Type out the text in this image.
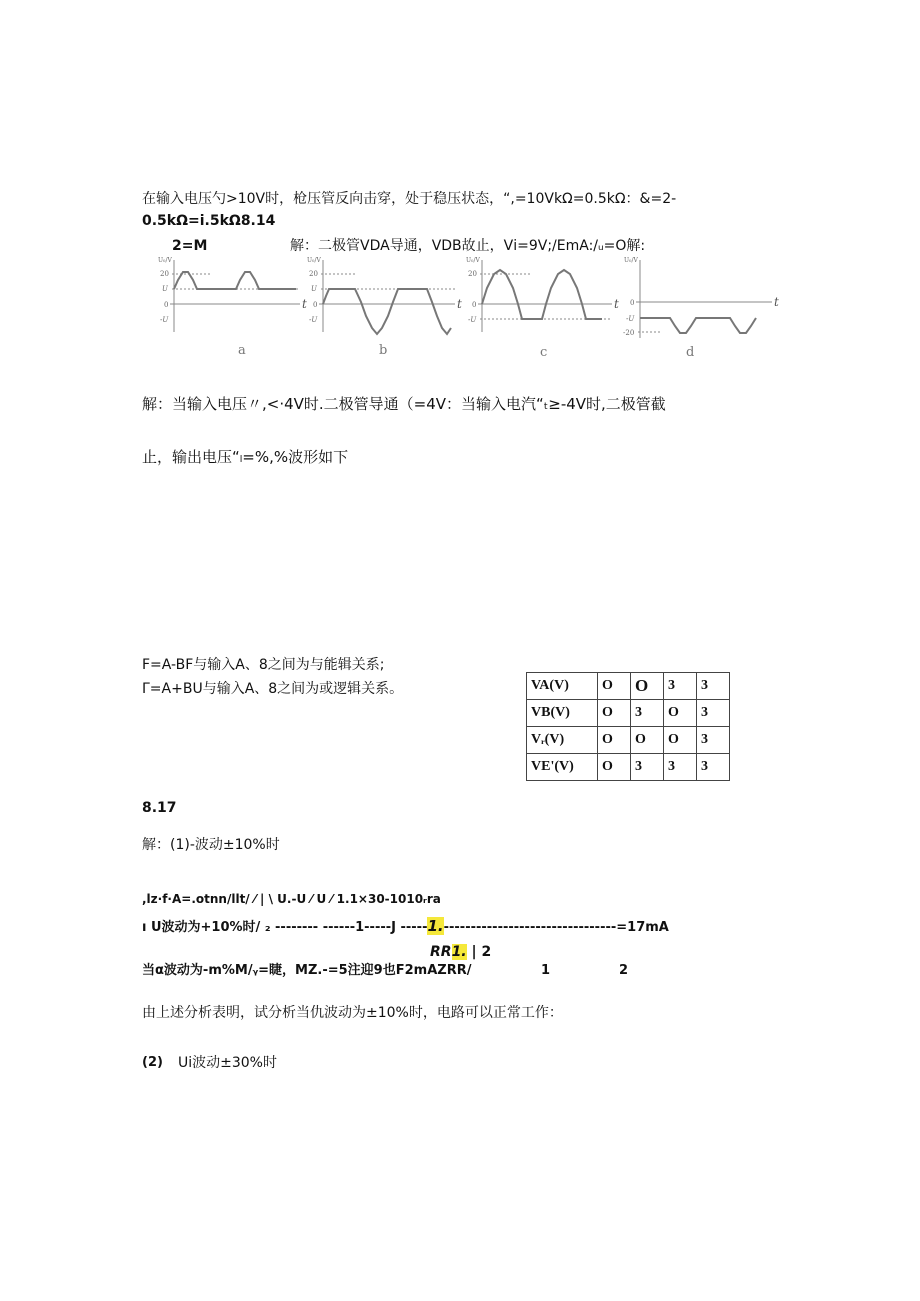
在输入电压勺>10V时，枪压管反向击穿，处于稳压状态，“,=10VkΩ=0.5kΩ：&=2-
0.5kΩ=i.5kΩ8.14
2=M	解：二极管VDA导通，VDB故止，Vⅰ=9V;/EmA:/ᵤ=O解:
U₀/V
20
U
0
-U
t
a
U₀/V
20
U
0
-U
t
b
U₀/V
20
0
-U
t
c
U₀/V
0
-U
-20
t
d
解：当输入电压〃,<·4V时.二极管导通（=4V：当输入电汽“ₜ≥-4V时,二极管截
止，输出电压“ₗ=%,%波形如下
F=A-BF与输入A、8之间为与能辑关系;
Γ=A+BU与输入A、8之间为或逻辑关系。	VA(V)	O	O	3	3
VB(V)	O	3	O	3
Vᵣ(V)	O	O	O	3
VE'(V)	O	3	3	3
8.17
解：(1)-波动±10%时
,lz·f·A=.otnn/llt/ ⁄ | \ U.-U ⁄ U ⁄ 1.1×30-1010ᵣra
ı U波动为+10%时/ ₂ -------- ------1-----J -----1.--------------------------------=17mA
RR1. | 2
当α波动为-m%M/ᵧ=睫，MZ.-=5注迎9也F2mAZRR/	1	2
由上述分析表明，试分析当仇波动为±10%时，电路可以正常工作：
(2) Ui波动±30%时
